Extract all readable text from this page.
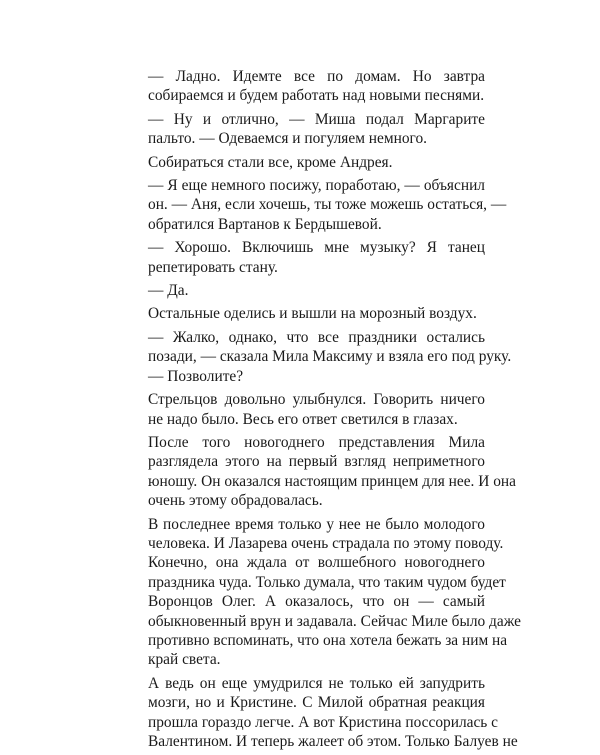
— Ладно. Идемте все по домам. Но завтра
собираемся и будем работать над новыми песнями.
— Ну и отлично, — Миша подал Маргарите
пальто. — Одеваемся и погуляем немного.
Собираться стали все, кроме Андрея.
— Я еще немного посижу, поработаю, — объяснил
он. — Аня, если хочешь, ты тоже можешь остаться, —
обратился Вартанов к Бердышевой.
— Хорошо. Включишь мне музыку? Я танец
репетировать стану.
— Да.
Остальные оделись и вышли на морозный воздух.
— Жалко, однако, что все праздники остались
позади, — сказала Мила Максиму и взяла его под руку.
— Позволите?
Стрельцов довольно улыбнулся. Говорить ничего
не надо было. Весь его ответ светился в глазах.
После того новогоднего представления Мила
разглядела этого на первый взгляд неприметного
юношу. Он оказался настоящим принцем для нее. И она
очень этому обрадовалась.
В последнее время только у нее не было молодого
человека. И Лазарева очень страдала по этому поводу.
Конечно, она ждала от волшебного новогоднего
праздника чуда. Только думала, что таким чудом будет
Воронцов Олег. А оказалось, что он — самый
обыкновенный врун и задавала. Сейчас Миле было даже
противно вспоминать, что она хотела бежать за ним на
край света.
А ведь он еще умудрился не только ей запудрить
мозги, но и Кристине. С Милой обратная реакция
прошла гораздо легче. А вот Кристина поссорилась с
Валентином. И теперь жалеет об этом. Только Балуев не
